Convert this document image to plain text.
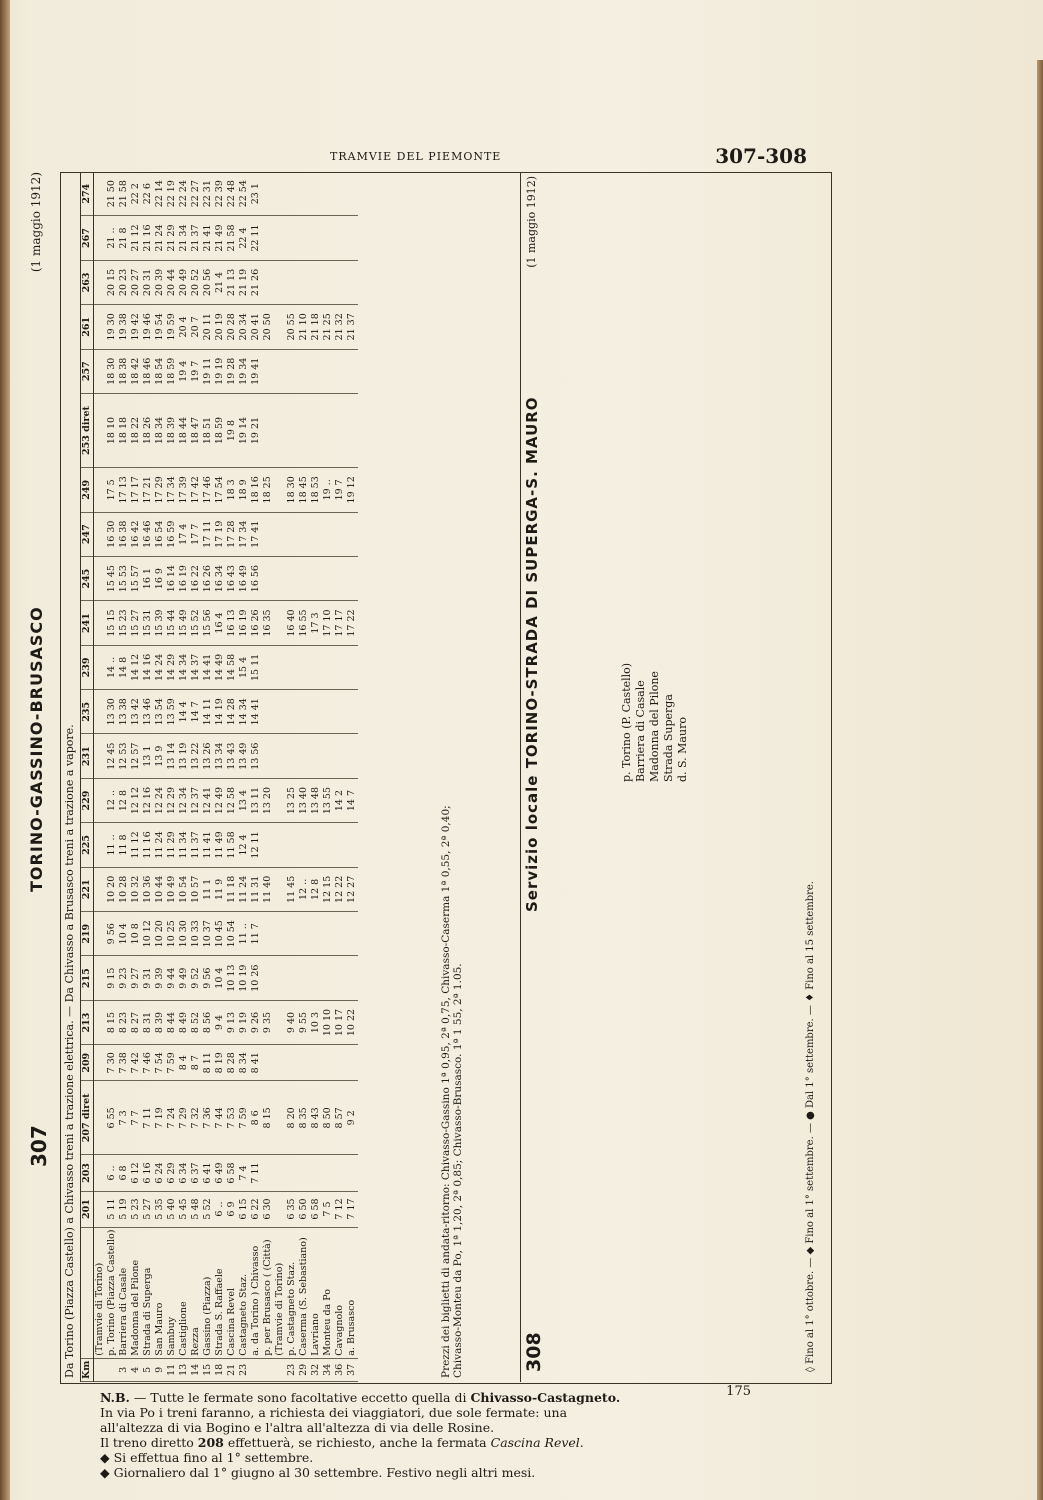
TRAMVIE DEL PIEMONTE	307-308
307
TORINO-GASSINO-BRUSASCO
(1 maggio 1912)
Da Torino (Piazza Castello) a Chivasso treni a trazione elettrica. — Da Chivasso a Brusasco treni a trazione a vapore. Km		201	203	207 diret	209	213	215	219	221	225	229	231	235	239	241	245	247	249	253 diret	257	261	263	267	274
	(Tramvie di Torino)																							
	p. Torino (Piazza Castello)	5 11	6 ..	6 55	7 30	8 15	9 15	9 56	10 20	11 ..	12 ..	12 45	13 30	14 ..	15 15	15 45	16 30	17 5	18 10	18 30	19 30	20 15	21 ..	21 50
3	Barriera di Casale	5 19	6 8	7 3	7 38	8 23	9 23	10 4	10 28	11 8	12 8	12 53	13 38	14 8	15 23	15 53	16 38	17 13	18 18	18 38	19 38	20 23	21 8	21 58
4	Madonna del Pilone	5 23	6 12	7 7	7 42	8 27	9 27	10 8	10 32	11 12	12 12	12 57	13 42	14 12	15 27	15 57	16 42	17 17	18 22	18 42	19 42	20 27	21 12	22 2
5	Strada di Superga	5 27	6 16	7 11	7 46	8 31	9 31	10 12	10 36	11 16	12 16	13 1	13 46	14 16	15 31	16 1	16 46	17 21	18 26	18 46	19 46	20 31	21 16	22 6
9	San Mauro	5 35	6 24	7 19	7 54	8 39	9 39	10 20	10 44	11 24	12 24	13 9	13 54	14 24	15 39	16 9	16 54	17 29	18 34	18 54	19 54	20 39	21 24	22 14
11	Sambuy	5 40	6 29	7 24	7 59	8 44	9 44	10 25	10 49	11 29	12 29	13 14	13 59	14 29	15 44	16 14	16 59	17 34	18 39	18 59	19 59	20 44	21 29	22 19
13	Castiglione	5 45	6 34	7 29	8 4	8 49	9 49	10 30	10 54	11 34	12 34	13 19	14 4	14 34	15 49	16 19	17 4	17 39	18 44	19 4	20 4	20 49	21 34	22 24
14	Rezza	5 48	6 37	7 32	8 7	8 52	9 52	10 33	10 57	11 37	12 37	13 22	14 7	14 37	15 52	16 22	17 7	17 42	18 47	19 7	20 7	20 52	21 37	22 27
15	Gassino (Piazza)	5 52	6 41	7 36	8 11	8 56	9 56	10 37	11 1	11 41	12 41	13 26	14 11	14 41	15 56	16 26	17 11	17 46	18 51	19 11	20 11	20 56	21 41	22 31
18	Strada S. Raffaele	6 ..	6 49	7 44	8 19	9 4	10 4	10 45	11 9	11 49	12 49	13 34	14 19	14 49	16 4	16 34	17 19	17 54	18 59	19 19	20 19	21 4	21 49	22 39
21	Cascina Revel	6 9	6 58	7 53	8 28	9 13	10 13	10 54	11 18	11 58	12 58	13 43	14 28	14 58	16 13	16 43	17 28	18 3	19 8	19 28	20 28	21 13	21 58	22 48
23	Castagneto Staz.	6 15	7 4	7 59	8 34	9 19	10 19	11 ..	11 24	12 4	13 4	13 49	14 34	15 4	16 19	16 49	17 34	18 9	19 14	19 34	20 34	21 19	22 4	22 54
	a. da Torino ) Chivasso	6 22	7 11	8 6	8 41	9 26	10 26	11 7	11 31	12 11	13 11	13 56	14 41	15 11	16 26	16 56	17 41	18 16	19 21	19 41	20 41	21 26	22 11	23 1
	p. per Brusasco ( (Città)	6 30		8 15		9 35			11 40		13 20				16 35			18 25			20 50			
	(Tramvie di Torino)																							
23	p. Castagneto Staz.	6 35		8 20		9 40			11 45		13 25				16 40			18 30			20 55			
29	Caserma (S. Sebastiano)	6 50		8 35		9 55			12 ..		13 40				16 55			18 45			21 10			
32	Lavriano	6 58		8 43		10 3			12 8		13 48				17 3			18 53			21 18			
34	Monteu da Po	7 5		8 50		10 10			12 15		13 55				17 10			19 ..			21 25			
36	Cavagnolo	7 12		8 57		10 17			12 22		14 2				17 17			19 7			21 32			
37	a. Brusasco	7 17		9 2		10 22			12 27		14 7				17 22			19 12			21 37			
Prezzi dei biglietti di andata-ritorno: Chivasso-Gassino 1ª 0,95, 2ª 0,75, Chivasso-Caserma 1ª 0,55, 2ª 0,40; Chivasso-Monteu da Po, 1ª 1,20, 2ª 0,85; Chivasso-Brusasco. 1ª 1 55, 2ª 1.05.	308
Servizio locale TORINO-STRADA DI SUPERGA-S. MAURO
(1 maggio 1912)
p. Torino (P. Castello) Barriera di Casale Madonna del Pilone Strada Superga d. S. Mauro
◊ Fino al 1° ottobre. — ◆ Fino al 1° settembre. — ● Dal 1° settembre. — ♦ Fino al 15 settembre.
N.B. — Tutte le fermate sono facoltative eccetto quella di Chivasso-Castagneto.
In via Po i treni faranno, a richiesta dei viaggiatori, due sole fermate: una
all'altezza di via Bogino e l'altra all'altezza di via delle Rosine.
Il treno diretto 208 effettuerà, se richiesto, anche la fermata Cascina Revel.
◆ Si effettua fino al 1° settembre.
◆ Giornaliero dal 1° giugno al 30 settembre. Festivo negli altri mesi.
175
